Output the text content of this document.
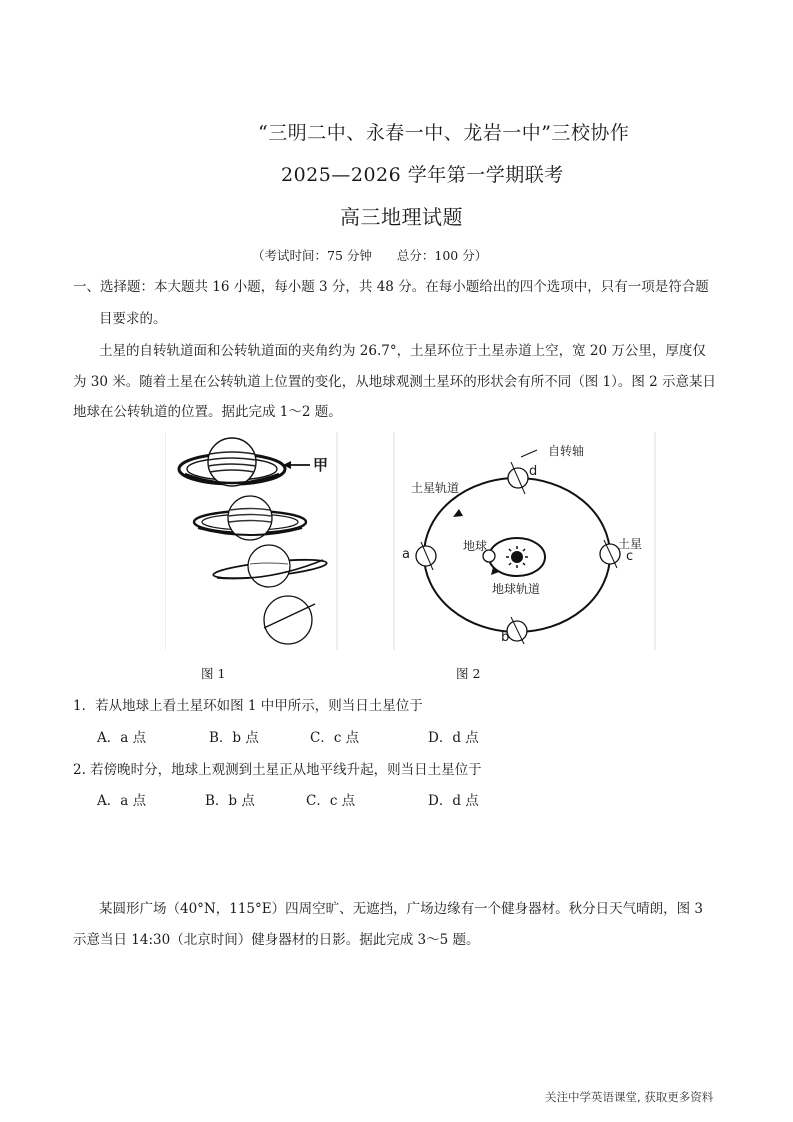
“三明二中、永春一中、龙岩一中”三校协作
2025—2026 学年第一学期联考
高三地理试题
（考试时间：75 分钟　　总分：100 分）
一、选择题：本大题共 16 小题，每小题 3 分，共 48 分。在每小题给出的四个选项中，只有一项是符合题
目要求的。
土星的自转轨道面和公转轨道面的夹角约为 26.7°，土星环位于土星赤道上空，宽 20 万公里，厚度仅
为 30 米。随着土星在公转轨道上位置的变化，从地球观测土星环的形状会有所不同（图 1）。图 2 示意某日
地球在公转轨道的位置。据此完成 1～2 题。
甲
自转轴
d
土星轨道
地球	土星
a	c
地球轨道
b
图 1	图 2
1．若从地球上看土星环如图 1 中甲所示，则当日土星位于
A．a 点	B．b 点	C．c 点	D．d 点
2. 若傍晚时分，地球上观测到土星正从地平线升起，则当日土星位于
A．a 点	B．b 点	C．c 点	D．d 点
某圆形广场（40°N，115°E）四周空旷、无遮挡，广场边缘有一个健身器材。秋分日天气晴朗，图 3
示意当日 14:30（北京时间）健身器材的日影。据此完成 3～5 题。
关注中学英语课堂, 获取更多资料
